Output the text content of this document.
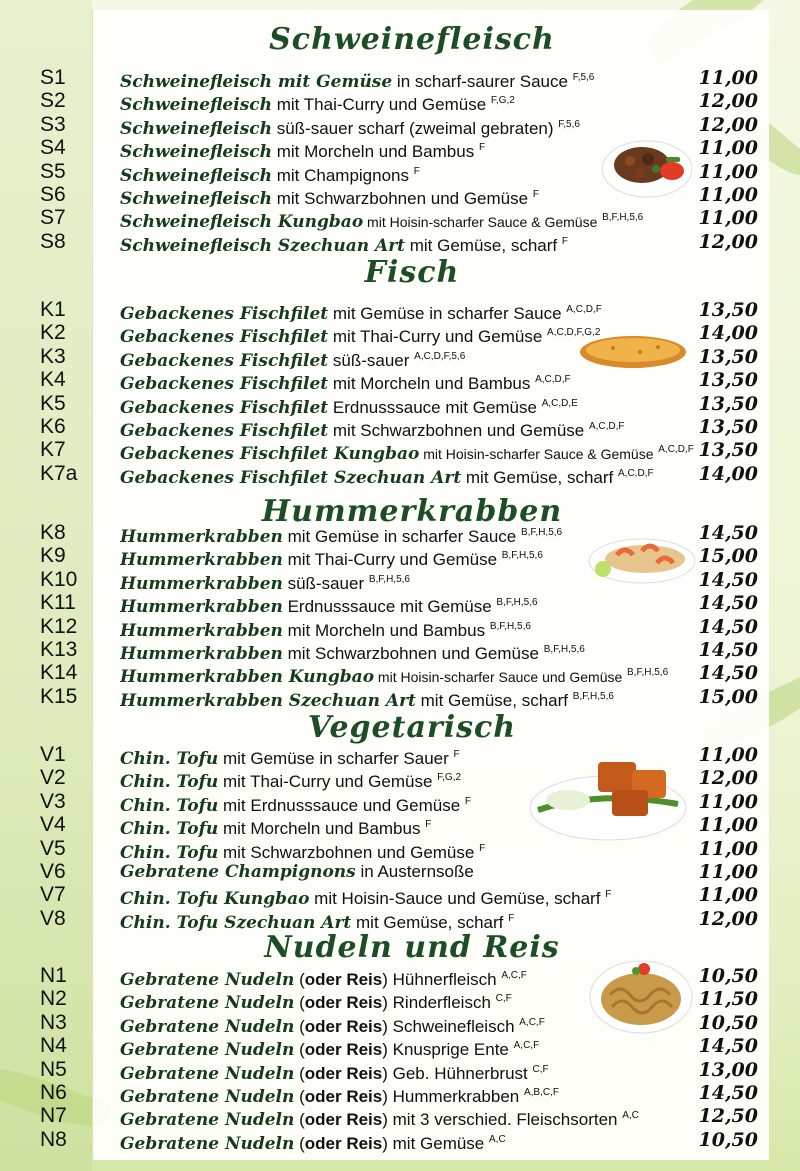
Schweinefleisch
S1	Schweinefleisch mit Gemüse in scharf-saurer Sauce $^{F,5,6}$	11,00
S2	Schweinefleisch mit Thai-Curry und Gemüse $^{F,G,2}$	12,00
S3	Schweinefleisch süß-sauer scharf (zweimal gebraten) $^{F,5,6}$	12,00
S4	Schweinefleisch mit Morcheln und Bambus $^F$	11,00
S5	Schweinefleisch mit Champignons $^F$	11,00
S6	Schweinefleisch mit Schwarzbohnen und Gemüse $^F$	11,00
S7	Schweinefleisch Kungbao mit Hoisin-scharfer Sauce & Gemüse $^{B,F,H,5,6}$	11,00
S8	Schweinefleisch Szechuan Art mit Gemüse, scharf $^F$	12,00
Fisch
K1	Gebackenes Fischfilet mit Gemüse in scharfer Sauce $^{A,C,D,F}$	13,50
K2	Gebackenes Fischfilet mit Thai-Curry und Gemüse $^{A,C,D,F,G,2}$	14,00
K3	Gebackenes Fischfilet süß-sauer $^{A,C,D,F,5,6}$	13,50
K4	Gebackenes Fischfilet mit Morcheln und Bambus $^{A,C,D,F}$	13,50
K5	Gebackenes Fischfilet Erdnusssauce mit Gemüse $^{A,C,D,E}$	13,50
K6	Gebackenes Fischfilet mit Schwarzbohnen und Gemüse $^{A,C,D,F}$	13,50
K7	Gebackenes Fischfilet Kungbao mit Hoisin-scharfer Sauce & Gemüse $^{A,C,D,F}$ 13,50
K7a	Gebackenes Fischfilet Szechuan Art mit Gemüse, scharf $^{A,C,D,F}$	14,00
Hummerkrabben
K8	Hummerkrabben mit Gemüse in scharfer Sauce $^{B,F,H,5,6}$	14,50
K9	Hummerkrabben mit Thai-Curry und Gemüse $^{B,F,H,5,6}$	15,00
K10	Hummerkrabben süß-sauer $^{B,F,H,5,6}$	14,50
K11	Hummerkrabben Erdnusssauce mit Gemüse $^{B,F,H,5,6}$	14,50
K12	Hummerkrabben mit Morcheln und Bambus $^{B,F,H,5,6}$	14,50
K13	Hummerkrabben mit Schwarzbohnen und Gemüse $^{B,F,H,5,6}$	14,50
K14	Hummerkrabben Kungbao mit Hoisin-scharfer Sauce und Gemüse $^{B,F,H,5,6}$	14,50
K15	Hummerkrabben Szechuan Art mit Gemüse, scharf $^{B,F,H,5,6}$	15,00
Vegetarisch
V1	Chin. Tofu mit Gemüse in scharfer Sauer $^F$	11,00
V2	Chin. Tofu mit Thai-Curry und Gemüse $^{F,G,2}$	12,00
V3	Chin. Tofu mit Erdnusssauce und Gemüse $^F$	11,00
V4	Chin. Tofu mit Morcheln und Bambus $^F$	11,00
V5	Chin. Tofu mit Schwarzbohnen und Gemüse $^F$	11,00
V6	Gebratene Champignons in Austernsoße	11,00
V7	Chin. Tofu Kungbao mit Hoisin-Sauce und Gemüse, scharf $^F$	11,00
V8	Chin. Tofu Szechuan Art mit Gemüse, scharf $^F$	12,00
Nudeln und Reis
N1	Gebratene Nudeln (oder Reis) Hühnerfleisch $^{A,C,F}$	10,50
N2	Gebratene Nudeln (oder Reis) Rinderfleisch $^{C,F}$	11,50
N3	Gebratene Nudeln (oder Reis) Schweinefleisch $^{A,C,F}$	10,50
N4	Gebratene Nudeln (oder Reis) Knusprige Ente $^{A,C,F}$	14,50
N5	Gebratene Nudeln (oder Reis) Geb. Hühnerbrust $^{C,F}$	13,00
N6	Gebratene Nudeln (oder Reis) Hummerkrabben $^{A,B,C,F}$	14,50
N7	Gebratene Nudeln (oder Reis) mit 3 verschied. Fleischsorten $^{A,C}$	12,50
N8	Gebratene Nudeln (oder Reis) mit Gemüse $^{A,C}$	10,50
